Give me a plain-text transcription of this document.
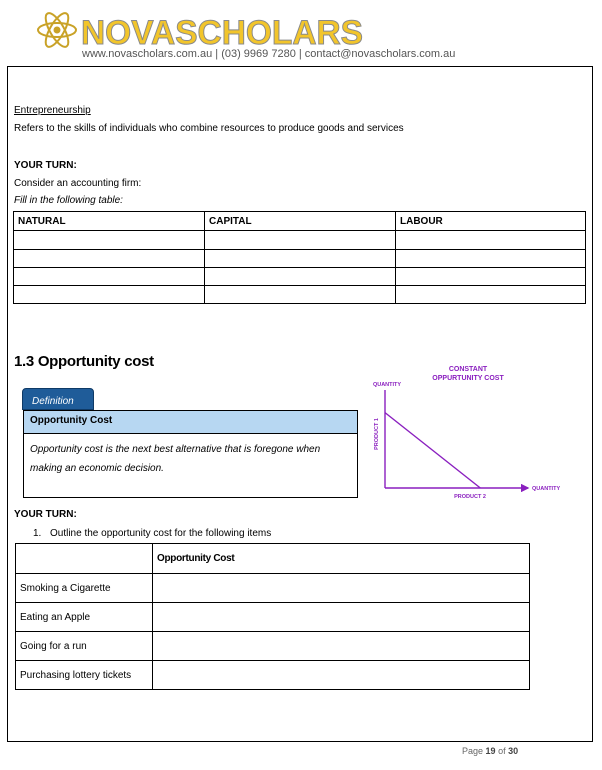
NOVASCHOLARS
www.novascholars.com.au | (03) 9969 7280 | contact@novascholars.com.au
Entrepreneurship
Refers to the skills of individuals who combine resources to produce goods and services
YOUR TURN:
Consider an accounting firm:
Fill in the following table:
NATURAL	CAPITAL	LABOUR

1.3 Opportunity cost
Definition
Opportunity Cost
Opportunity cost is the next best alternative that is foregone when making an economic decision.
CONSTANT OPPURTUNITY COST
QUANTITY
QUANTITY
PRODUCT 1
PRODUCT 2
YOUR TURN:
1. Outline the opportunity cost for the following items
	Opportunity Cost
Smoking a Cigarette	
Eating an Apple	
Going for a run	
Purchasing lottery tickets	
Page 19 of 30
